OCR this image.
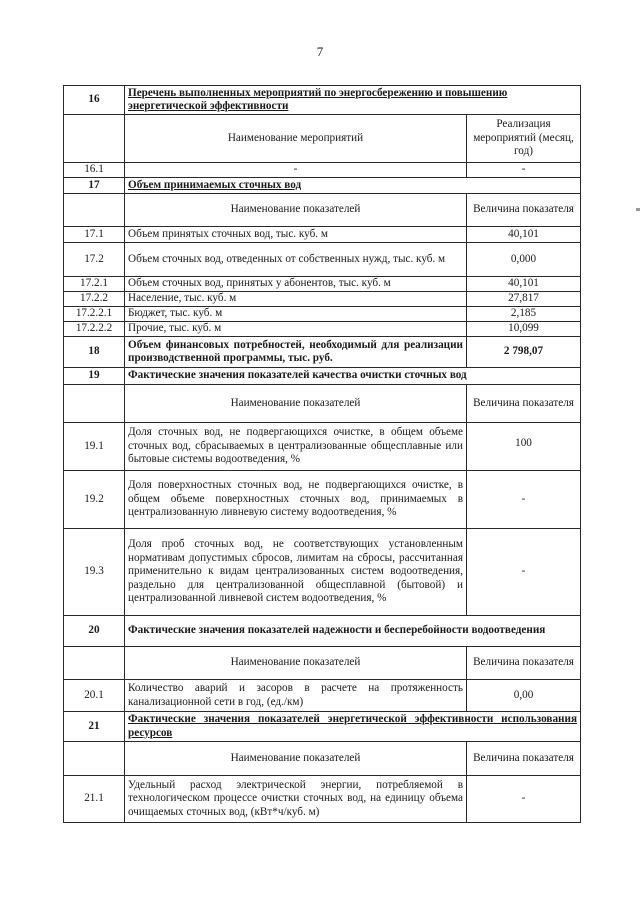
7
16	Перечень выполненных мероприятий по энергосбережению и повышению энергетической эффективности	
	Наименование мероприятий	Реализация мероприятий (месяц, год)
16.1	-	-
17	Объем принимаемых сточных вод	
	Наименование показателей	Величина показателя
17.1	Объем принятых сточных вод, тыс. куб. м	40,101
17.2	Объем сточных вод, отведенных от собственных нужд, тыс. куб. м	0,000
17.2.1	Объем сточных вод, принятых у абонентов, тыс. куб. м	40,101
17.2.2	Население, тыс. куб. м	27,817
17.2.2.1	Бюджет, тыс. куб. м	2,185
17.2.2.2	Прочие, тыс. куб. м	10,099
18	Объем финансовых потребностей, необходимый для реализации производственной программы, тыс. руб.	2 798,07
19	Фактические значения показателей качества очистки сточных вод	
	Наименование показателей	Величина показателя
19.1	Доля сточных вод, не подвергающихся очистке, в общем объеме сточных вод, сбрасываемых в централизованные общесплавные или бытовые системы водоотведения, %	100
19.2	Доля поверхностных сточных вод, не подвергающихся очистке, в общем объеме поверхностных сточных вод, принимаемых в централизованную ливневую систему водоотведения, %	-
19.3	Доля проб сточных вод, не соответствующих установленным нормативам допустимых сбросов, лимитам на сбросы, рассчитанная применительно к видам централизованных систем водоотведения, раздельно для централизованной общесплавной (бытовой) и централизованной ливневой систем водоотведения, %	-
20	Фактические значения показателей надежности и бесперебойности водоотведения	
	Наименование показателей	Величина показателя
20.1	Количество аварий и засоров в расчете на протяженность канализационной сети в год, (ед./км)	0,00
21	Фактические значения показателей энергетической эффективности использования ресурсов	
	Наименование показателей	Величина показателя
21.1	Удельный расход электрической энергии, потребляемой в технологическом процессе очистки сточных вод, на единицу объема очищаемых сточных вод, (кВт*ч/куб. м)	-
